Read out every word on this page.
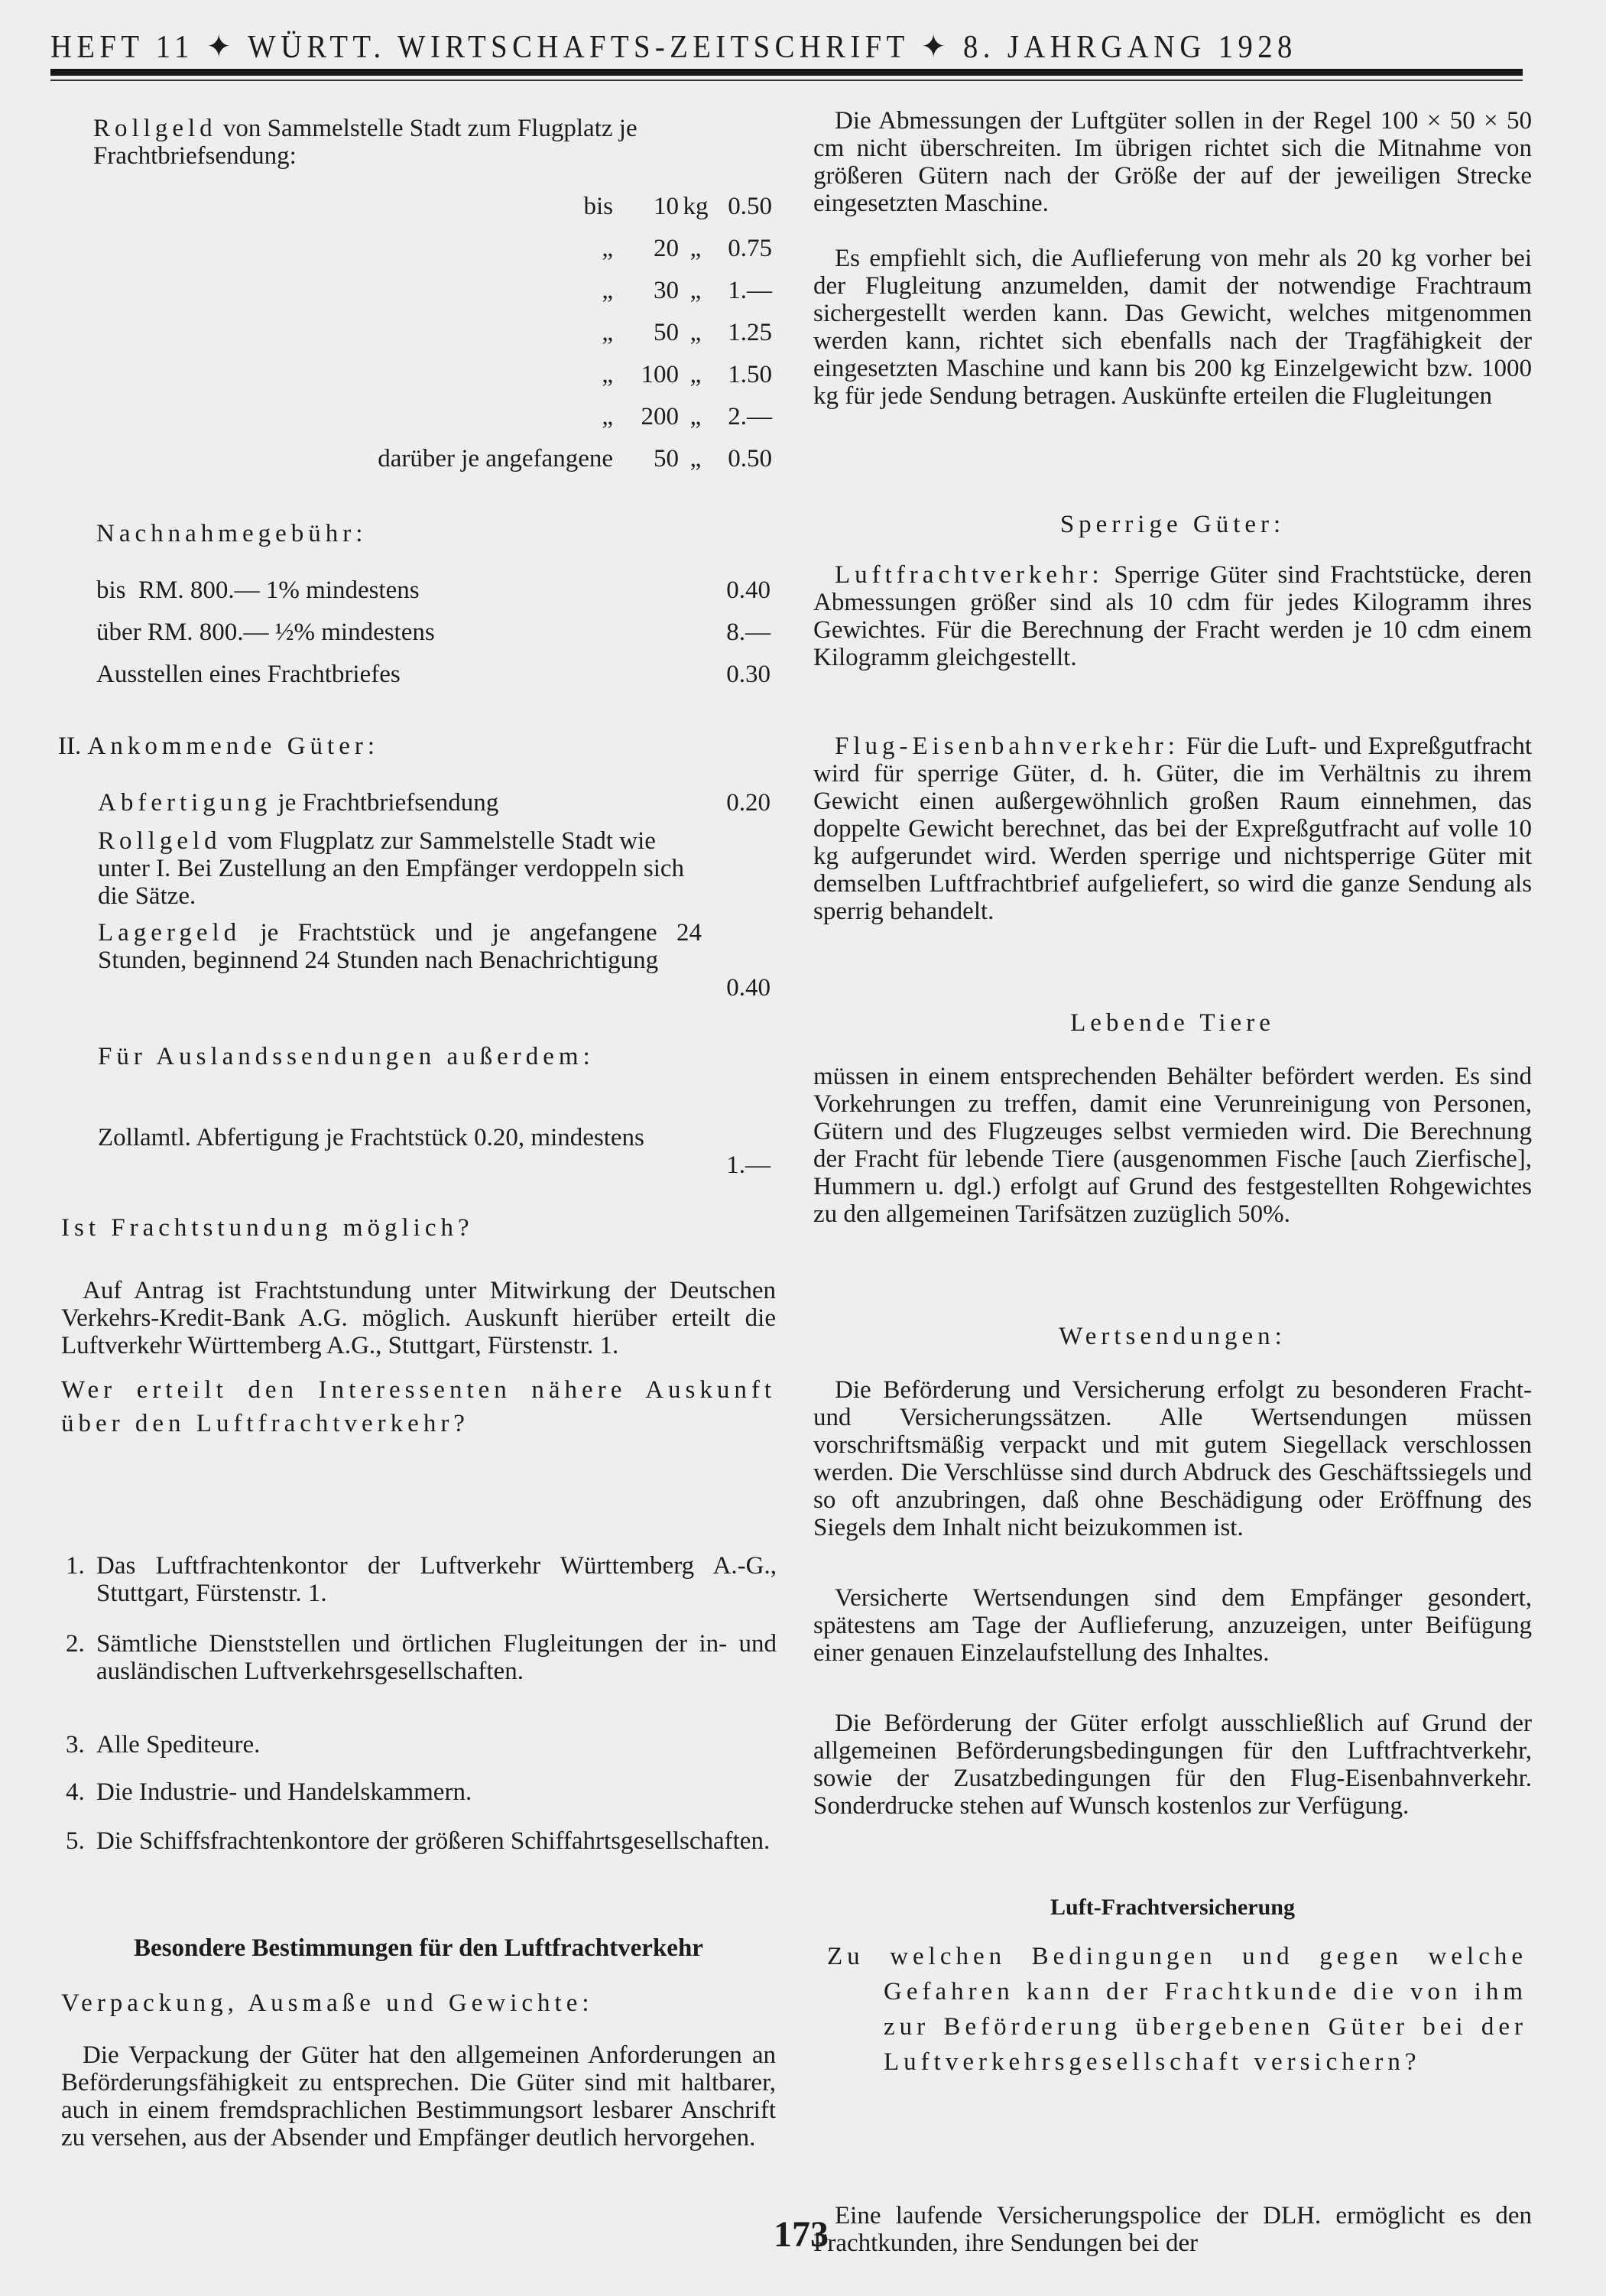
HEFT 11 ✦ WÜRTT. WIRTSCHAFTS-ZEITSCHRIFT ✦ 8. JAHRGANG 1928

Rollgeld von Sammelstelle Stadt zum Flugplatz je Frachtbriefsendung:

bis	10 kg 0.50
„	20 „	0.75
„	30 „	1.—
„	50 „	1.25
„	100 „	1.50
„	200 „	2.—
darüber je angefangene	50 „	0.50
Nachnahmegebühr:
bis  RM. 800.— 1% mindestens	0.40
über RM. 800.— ½% mindestens	8.—
Ausstellen eines Frachtbriefes	0.30
II. Ankommende Güter:
Abfertigung je Frachtbriefsendung	0.20

Rollgeld vom Flugplatz zur Sammelstelle Stadt wie unter I. Bei Zustellung an den Empfänger verdoppeln sich die Sätze.

Lagergeld je Frachtstück und je angefangene 24 Stunden, beginnend 24 Stunden nach Benachrichtigung

0.40
Für Auslandssendungen außerdem:

Zollamtl. Abfertigung je Frachtstück 0.20, mindestens

1.—
Ist Frachtstundung möglich?

Auf Antrag ist Frachtstundung unter Mitwirkung der Deutschen Verkehrs-Kredit-Bank A.G. möglich. Auskunft hierüber erteilt die Luftverkehr Württemberg A.G., Stuttgart, Fürstenstr. 1.

Wer erteilt den Interessenten nähere Auskunft über den Luftfrachtverkehr?
1. Das Luftfrachtenkontor der Luftverkehr Württemberg A.-G., Stuttgart, Fürstenstr. 1.

2. Sämtliche Dienststellen und örtlichen Flugleitungen der in- und ausländischen Luftverkehrsgesellschaften.

3. Alle Spediteure.

4. Die Industrie- und Handelskammern.

5. Die Schiffsfrachtenkontore der größeren Schiffahrtsgesellschaften.

Besondere Bestimmungen für den Luftfrachtverkehr
Verpackung, Ausmaße und Gewichte:

Die Verpackung der Güter hat den allgemeinen Anforderungen an Beförderungsfähigkeit zu entsprechen. Die Güter sind mit haltbarer, auch in einem fremdsprachlichen Bestimmungsort lesbarer Anschrift zu versehen, aus der Absender und Empfänger deutlich hervorgehen.

Die Abmessungen der Luftgüter sollen in der Regel 100 × 50 × 50 cm nicht überschreiten. Im übrigen richtet sich die Mitnahme von größeren Gütern nach der Größe der auf der jeweiligen Strecke eingesetzten Maschine.

Es empfiehlt sich, die Auflieferung von mehr als 20 kg vorher bei der Flugleitung anzumelden, damit der notwendige Frachtraum sichergestellt werden kann. Das Gewicht, welches mitgenommen werden kann, richtet sich ebenfalls nach der Tragfähigkeit der eingesetzten Maschine und kann bis 200 kg Einzelgewicht bzw. 1000 kg für jede Sendung betragen. Auskünfte erteilen die Flugleitungen

Sperrige Güter:

Luftfrachtverkehr: Sperrige Güter sind Frachtstücke, deren Abmessungen größer sind als 10 cdm für jedes Kilogramm ihres Gewichtes. Für die Berechnung der Fracht werden je 10 cdm einem Kilogramm gleichgestellt.

Flug-Eisenbahnverkehr: Für die Luft- und Expreßgutfracht wird für sperrige Güter, d. h. Güter, die im Verhältnis zu ihrem Gewicht einen außergewöhnlich großen Raum einnehmen, das doppelte Gewicht berechnet, das bei der Expreßgutfracht auf volle 10 kg aufgerundet wird. Werden sperrige und nichtsperrige Güter mit demselben Luftfrachtbrief aufgeliefert, so wird die ganze Sendung als sperrig behandelt.

Lebende Tiere

müssen in einem entsprechenden Behälter befördert werden. Es sind Vorkehrungen zu treffen, damit eine Verunreinigung von Personen, Gütern und des Flugzeuges selbst vermieden wird. Die Berechnung der Fracht für lebende Tiere (ausgenommen Fische [auch Zierfische], Hummern u. dgl.) erfolgt auf Grund des festgestellten Rohgewichtes zu den allgemeinen Tarifsätzen zuzüglich 50%.

Wertsendungen:

Die Beförderung und Versicherung erfolgt zu besonderen Fracht- und Versicherungssätzen. Alle Wertsendungen müssen vorschriftsmäßig verpackt und mit gutem Siegellack verschlossen werden. Die Verschlüsse sind durch Abdruck des Geschäftssiegels und so oft anzubringen, daß ohne Beschädigung oder Eröffnung des Siegels dem Inhalt nicht beizukommen ist.

Versicherte Wertsendungen sind dem Empfänger gesondert, spätestens am Tage der Auflieferung, anzuzeigen, unter Beifügung einer genauen Einzelaufstellung des Inhaltes.

Die Beförderung der Güter erfolgt ausschließlich auf Grund der allgemeinen Beförderungsbedingungen für den Luftfrachtverkehr, sowie der Zusatzbedingungen für den Flug-Eisenbahnverkehr. Sonderdrucke stehen auf Wunsch kostenlos zur Verfügung.

Luft-Frachtversicherung
Zu welchen Bedingungen und gegen welche Gefahren kann der Frachtkunde die von ihm zur Beförderung übergebenen Güter bei der Luftverkehrsgesellschaft versichern?

Eine laufende Versicherungspolice der DLH. ermöglicht es den Frachtkunden, ihre Sendungen bei der

173
